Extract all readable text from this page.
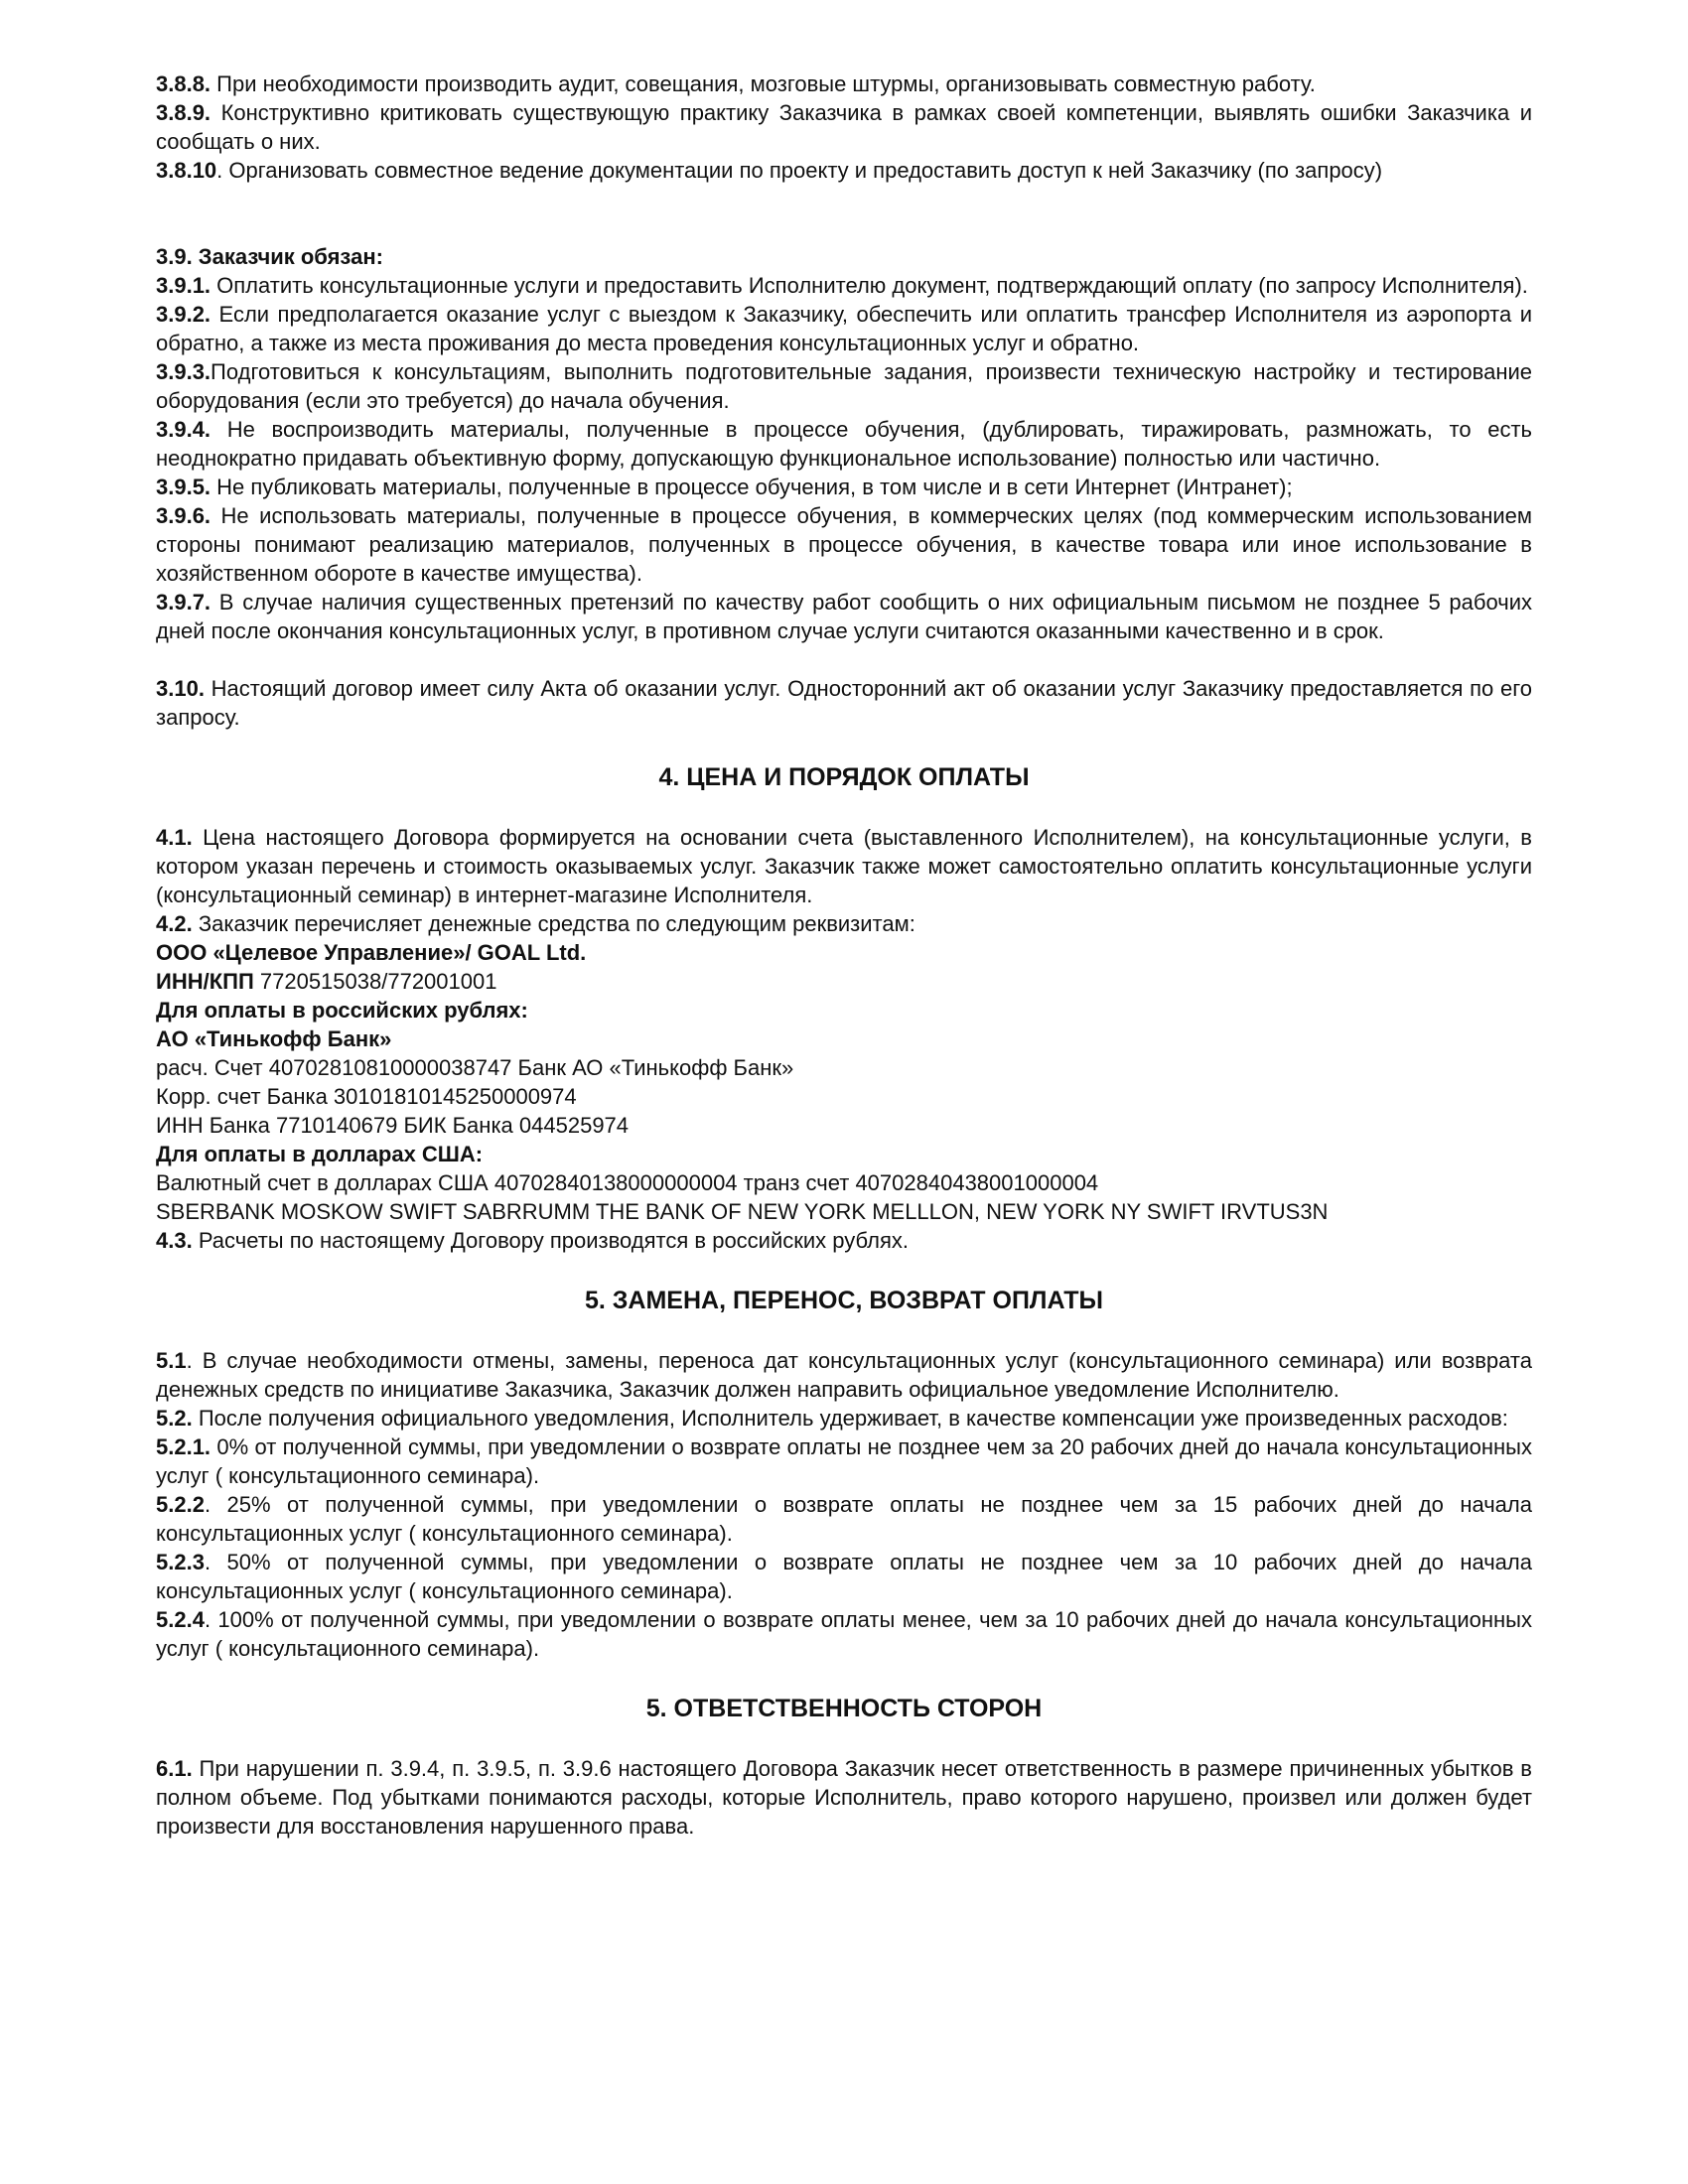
3.8.8. При необходимости производить аудит, совещания, мозговые штурмы, организовывать совместную работу.

3.8.9. Конструктивно критиковать существующую практику Заказчика в рамках своей компетенции, выявлять ошибки Заказчика и сообщать о них.

3.8.10. Организовать совместное ведение документации по проекту и предоставить доступ к ней Заказчику (по запросу)

3.9. Заказчик обязан:

3.9.1. Оплатить консультационные услуги и предоставить Исполнителю документ, подтверждающий оплату (по запросу Исполнителя).

3.9.2. Если предполагается оказание услуг с выездом к Заказчику, обеспечить или оплатить трансфер Исполнителя из аэропорта и обратно, а также из места проживания до места проведения консультационных услуг и обратно.

3.9.3.Подготовиться к консультациям, выполнить подготовительные задания, произвести техническую настройку и тестирование оборудования (если это требуется) до начала обучения.

3.9.4. Не воспроизводить материалы, полученные в процессе обучения, (дублировать, тиражировать, размножать, то есть неоднократно придавать объективную форму, допускающую функциональное использование) полностью или частично.

3.9.5. Не публиковать материалы, полученные в процессе обучения, в том числе и в сети Интернет (Интранет);

3.9.6. Не использовать материалы, полученные в процессе обучения, в коммерческих целях (под коммерческим использованием стороны понимают реализацию материалов, полученных в процессе обучения, в качестве товара или иное использование в хозяйственном обороте в качестве имущества).

3.9.7. В случае наличия существенных претензий по качеству работ сообщить о них официальным письмом не позднее 5 рабочих дней после окончания консультационных услуг, в противном случае услуги считаются оказанными качественно и в срок.

3.10. Настоящий договор имеет силу Акта об оказании услуг. Односторонний акт об оказании услуг Заказчику предоставляется по его запросу.

4. ЦЕНА И ПОРЯДОК ОПЛАТЫ

4.1. Цена настоящего Договора формируется на основании счета (выставленного Исполнителем), на консультационные услуги, в котором указан перечень и стоимость оказываемых услуг. Заказчик также может самостоятельно оплатить консультационные услуги (консультационный семинар) в интернет-магазине Исполнителя.

4.2. Заказчик перечисляет денежные средства по следующим реквизитам:

ООО «Целевое Управление»/ GOAL Ltd.

ИНН/КПП 7720515038/772001001

Для оплаты в российских рублях:

АО «Тинькофф Банк»

расч. Счет 40702810810000038747 Банк АО «Тинькофф Банк»

Корр. счет Банка 30101810145250000974

ИНН Банка 7710140679 БИК Банка 044525974

Для оплаты в долларах США:

Валютный счет в долларах США 40702840138000000004 транз счет 40702840438001000004

SBERBANK MOSKOW SWIFT SABRRUMM THE BANK OF NEW YORK MELLLON, NEW YORK NY SWIFT IRVTUS3N

4.3. Расчеты по настоящему Договору производятся в российских рублях.

5. ЗАМЕНА, ПЕРЕНОС, ВОЗВРАТ ОПЛАТЫ

5.1. В случае необходимости отмены, замены, переноса дат консультационных услуг (консультационного семинара) или возврата денежных средств по инициативе Заказчика, Заказчик должен направить официальное уведомление Исполнителю.

5.2. После получения официального уведомления, Исполнитель удерживает, в качестве компенсации уже произведенных расходов:

5.2.1. 0% от полученной суммы, при уведомлении о возврате оплаты не позднее чем за 20 рабочих дней до начала консультационных услуг ( консультационного семинара).

5.2.2. 25% от полученной суммы, при уведомлении о возврате оплаты не позднее чем за 15 рабочих дней до начала консультационных услуг ( консультационного семинара).

5.2.3. 50% от полученной суммы, при уведомлении о возврате оплаты не позднее чем за 10 рабочих дней до начала консультационных услуг ( консультационного семинара).

5.2.4. 100% от полученной суммы, при уведомлении о возврате оплаты менее, чем за 10 рабочих дней до начала консультационных услуг ( консультационного семинара).

5. ОТВЕТСТВЕННОСТЬ СТОРОН

6.1. При нарушении п. 3.9.4, п. 3.9.5, п. 3.9.6 настоящего Договора Заказчик несет ответственность в размере причиненных убытков в полном объеме. Под убытками понимаются расходы, которые Исполнитель, право которого нарушено, произвел или должен будет произвести для восстановления нарушенного права.
